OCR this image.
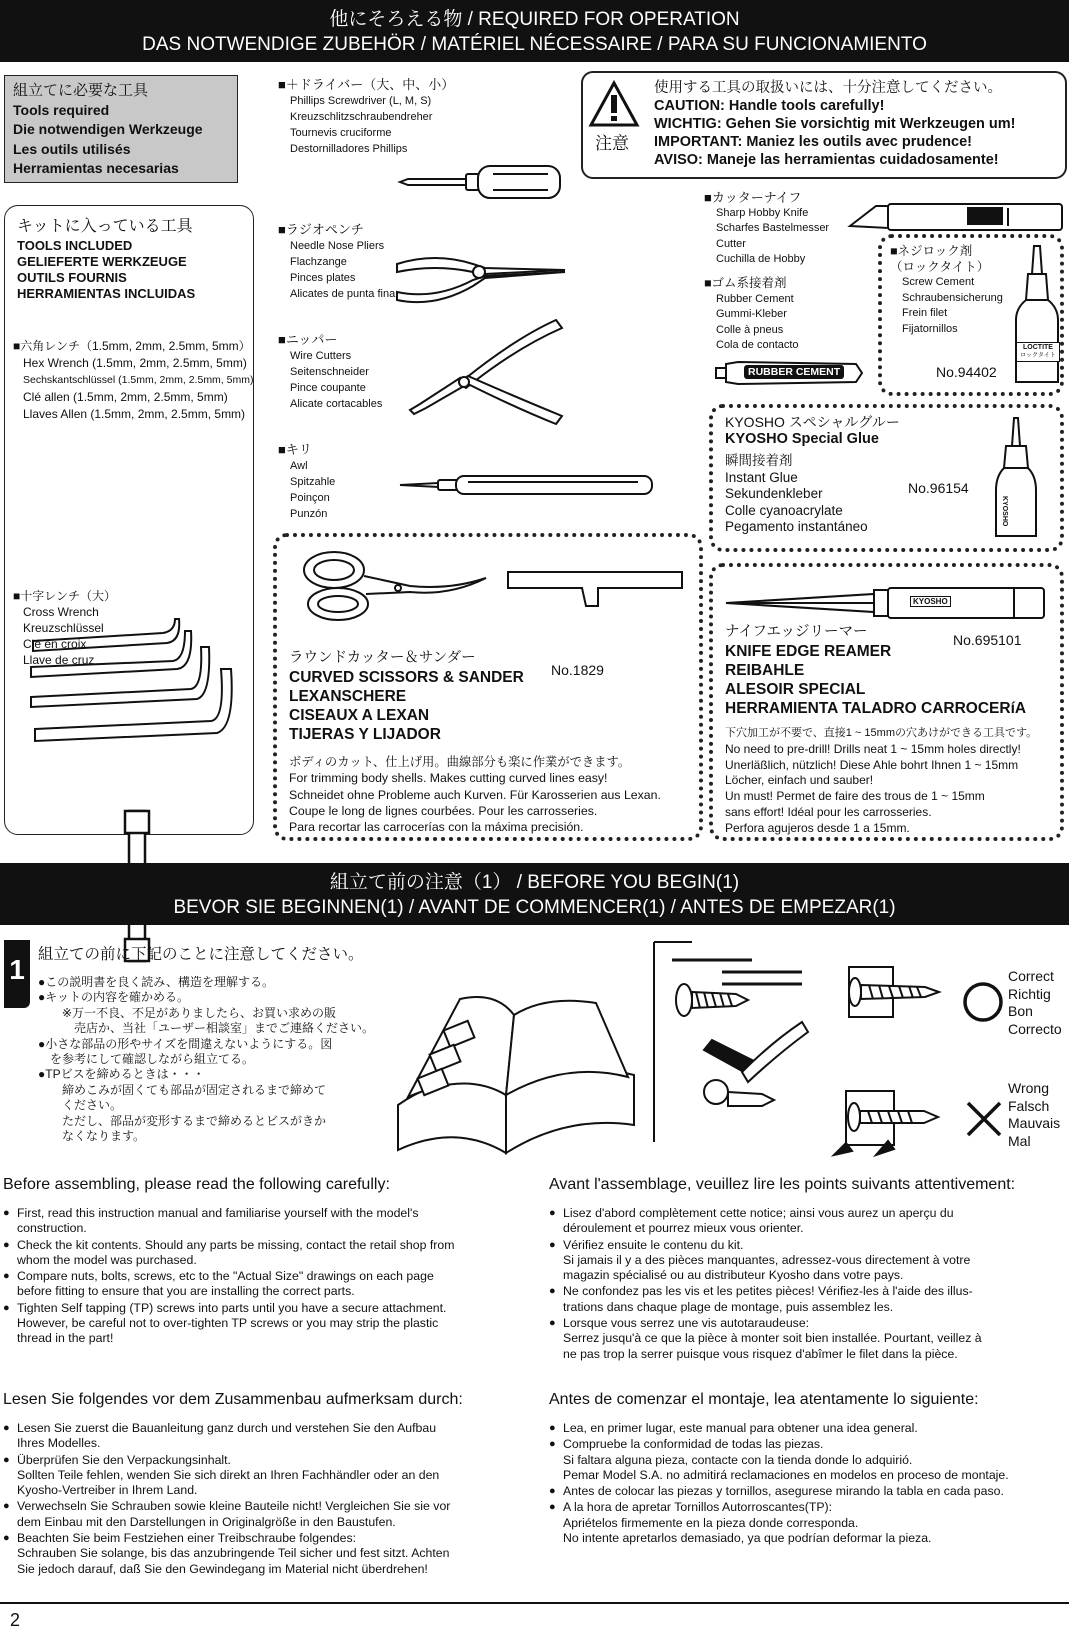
他にそろえる物 / REQUIRED FOR OPERATION
DAS NOTWENDIGE ZUBEHÖR / MATÉRIEL NÉCESSAIRE / PARA SU FUNCIONAMIENTO
組立てに必要な工具
Tools required
Die notwendigen Werkzeuge
Les outils utilisés
Herramientas necesarias
注意
使用する工具の取扱いには、十分注意してください。
CAUTION: Handle tools carefully!
WICHTIG: Gehen Sie vorsichtig mit Werkzeugen um!
IMPORTANT: Maniez les outils avec prudence!
AVISO: Maneje las herramientas cuidadosamente!
キットに入っている工具
TOOLS INCLUDED
GELIEFERTE WERKZEUGE
OUTILS FOURNIS
HERRAMIENTAS INCLUIDAS
■六角レンチ（1.5mm, 2mm, 2.5mm, 5mm）
Hex Wrench (1.5mm, 2mm, 2.5mm, 5mm)
Sechskantschlüssel (1.5mm, 2mm, 2.5mm, 5mm)
Clé allen (1.5mm, 2mm, 2.5mm, 5mm)
Llaves Allen (1.5mm, 2mm, 2.5mm, 5mm)
■十字レンチ（大）
Cross Wrench
Kreuzschlüssel
Clé en croix
Llave de cruz
■＋ドライバー（大、中、小）
Phillips Screwdriver (L, M, S)
Kreuzschlitzschraubendreher
Tournevis cruciforme
Destornilladores Phillips
■ラジオペンチ
Needle Nose Pliers
Flachzange
Pinces plates
Alicates de punta fina
■ニッパー
Wire Cutters
Seitenschneider
Pince coupante
Alicate cortacables
■キリ
Awl
Spitzahle
Poinçon
Punzón
■カッターナイフ
Sharp Hobby Knife
Scharfes Bastelmesser
Cutter
Cuchilla de Hobby
■ゴム系接着剤
Rubber Cement
Gummi-Kleber
Colle à pneus
Cola de contacto
RUBBER CEMENT
■ネジロック剤
（ロックタイト）
Screw Cement
Schraubensicherung
Frein filet
Fijatornillos
No.94402
LOCTITE
ロックタイト
KYOSHO スペシャルグルー
KYOSHO Special Glue
瞬間接着剤
Instant Glue
Sekundenkleber
Colle cyanoacrylate
Pegamento instantáneo
No.96154
KYOSHO
ラウンドカッター＆サンダー
CURVED SCISSORS & SANDER
LEXANSCHERE
CISEAUX A LEXAN
TIJERAS Y LIJADOR
No.1829
ボディのカット、仕上げ用。曲線部分も楽に作業ができます。
For trimming body shells. Makes cutting curved lines easy!
Schneidet ohne Probleme auch Kurven. Für Karosserien aus Lexan.
Coupe le long de lignes courbées. Pour les carrosseries.
Para recortar las carrocerías con la máxima precisión.
KYOSHO
ナイフエッジリーマー
KNIFE EDGE REAMER
REIBAHLE
ALESOIR SPECIAL
HERRAMIENTA TALADRO CARROCERíA
No.695101
下穴加工が不要で、直接1 ~ 15mmの穴あけができる工具です。
No need to pre-drill! Drills neat 1 ~ 15mm holes directly!
Unerläßlich, nützlich! Diese Ahle bohrt Ihnen 1 ~ 15mm
Löcher, einfach und sauber!
Un must! Permet de faire des trous de 1 ~ 15mm
sans effort! Idéal pour les carrosseries.
Perfora agujeros desde 1 a 15mm.
組立て前の注意（1） / BEFORE YOU BEGIN(1)
BEVOR SIE BEGINNEN(1) / AVANT DE COMMENCER(1) / ANTES DE EMPEZAR(1)
1 組立ての前に下記のことに注意してください。
●この説明書を良く読み、構造を理解する。
●キットの内容を確かめる。
　　※万一不良、不足がありましたら、お買い求めの販
　　　売店か、当社「ユーザー相談室」までご連絡ください。
●小さな部品の形やサイズを間違えないようにする。図
　を参考にして確認しながら組立てる。
●TPビスを締めるときは・・・
　　締めこみが固くても部品が固定されるまで締めて
　　ください。
　　ただし、部品が変形するまで締めるとビスがきか
　　なくなります。
Correct
Richtig
Bon
Correcto
Wrong
Falsch
Mauvais
Mal
Before assembling, please read the following carefully:
● First, read this instruction manual and familiarise yourself with the model's
construction.
● Check the kit contents. Should any parts be missing, contact the retail shop from
whom the model was purchased.
● Compare nuts, bolts, screws, etc to the "Actual Size" drawings on each page
before fitting to ensure that you are installing the correct parts.
● Tighten Self tapping (TP) screws into parts until you have a secure attachment.
However, be careful not to over-tighten TP screws or you may strip the plastic
thread in the part!
Avant l'assemblage, veuillez lire les points suivants attentivement:
● Lisez d'abord complètement cette notice; ainsi vous aurez un aperçu du
déroulement et pourrez mieux vous orienter.
● Vérifiez ensuite le contenu du kit.
Si jamais il y a des pièces manquantes, adressez-vous directement à votre
magazin spécialisé ou au distributeur Kyosho dans votre pays.
● Ne confondez pas les vis et les petites pièces! Vérifiez-les à l'aide des illus-
trations dans chaque plage de montage, puis assemblez les.
● Lorsque vous serrez une vis autotaraudeuse:
Serrez jusqu'à ce que la pièce à monter soit bien installée. Pourtant, veillez à
ne pas trop la serrer puisque vous risquez d'abîmer le filet dans la pièce.
Lesen Sie folgendes vor dem Zusammenbau aufmerksam durch:
● Lesen Sie zuerst die Bauanleitung ganz durch und verstehen Sie den Aufbau
Ihres Modelles.
● Überprüfen Sie den Verpackungsinhalt.
Sollten Teile fehlen, wenden Sie sich direkt an Ihren Fachhändler oder an den
Kyosho-Vertreiber in Ihrem Land.
● Verwechseln Sie Schrauben sowie kleine Bauteile nicht! Vergleichen Sie sie vor
dem Einbau mit den Darstellungen in Originalgröße in den Baustufen.
● Beachten Sie beim Festziehen einer Treibschraube folgendes:
Schrauben Sie solange, bis das anzubringende Teil sicher und fest sitzt. Achten
Sie jedoch darauf, daß Sie den Gewindegang im Material nicht überdrehen!
Antes de comenzar el montaje, lea atentamente lo siguiente:
● Lea, en primer lugar, este manual para obtener una idea general.
● Compruebe la conformidad de todas las piezas.
Si faltara alguna pieza, contacte con la tienda donde lo adquirió.
Pemar Model S.A. no admitirá reclamaciones en modelos en proceso de montaje.
● Antes de colocar las piezas y tornillos, asegurese mirando la tabla en cada paso.
● A la hora de apretar Tornillos Autorroscantes(TP):
Apriételos firmemente en la pieza donde corresponda.
No intente apretarlos demasiado, ya que podrían deformar la pieza.
2
